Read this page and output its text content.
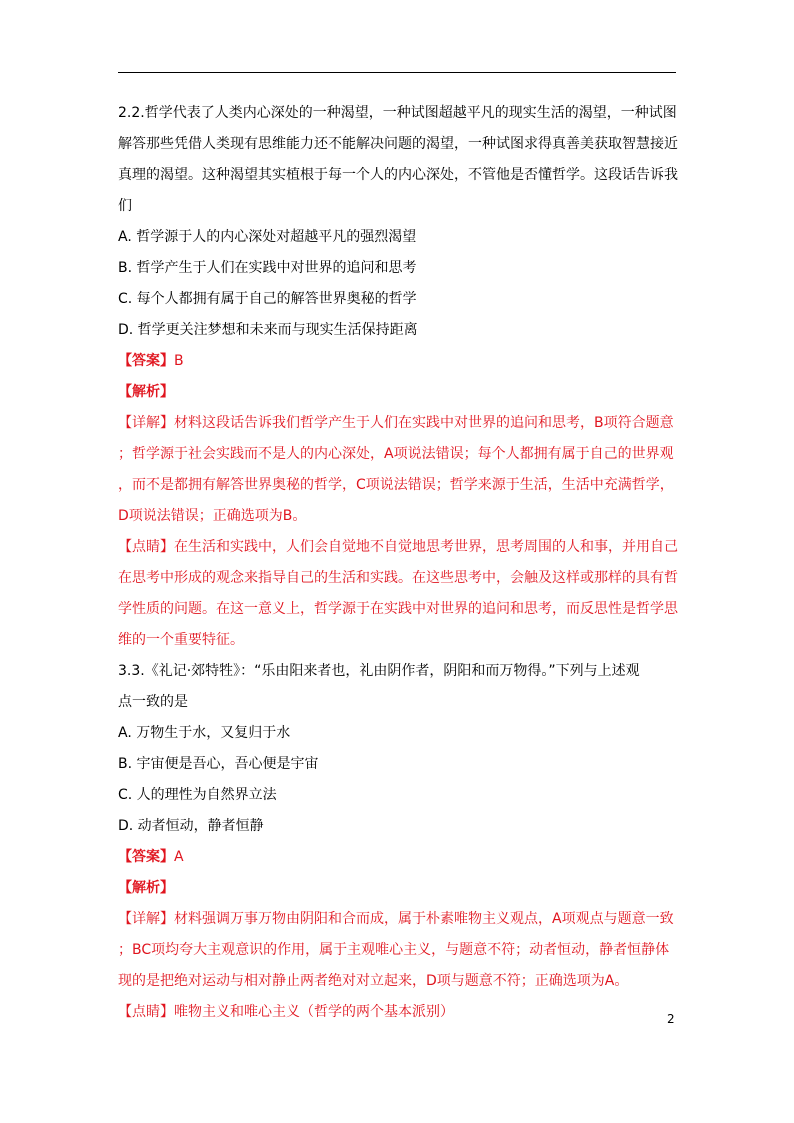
2.2.哲学代表了人类内心深处的一种渴望，一种试图超越平凡的现实生活的渴望，一种试图
解答那些凭借人类现有思维能力还不能解决问题的渴望，一种试图求得真善美获取智慧接近
真理的渴望。这种渴望其实植根于每一个人的内心深处，不管他是否懂哲学。这段话告诉我
们
A. 哲学源于人的内心深处对超越平凡的强烈渴望
B. 哲学产生于人们在实践中对世界的追问和思考
C. 每个人都拥有属于自己的解答世界奥秘的哲学
D. 哲学更关注梦想和未来而与现实生活保持距离
【答案】B
【解析】
【详解】材料这段话告诉我们哲学产生于人们在实践中对世界的追问和思考，B项符合题意
；哲学源于社会实践而不是人的内心深处，A项说法错误；每个人都拥有属于自己的世界观
，而不是都拥有解答世界奥秘的哲学，C项说法错误；哲学来源于生活，生活中充满哲学，
D项说法错误；正确选项为B。
【点睛】在生活和实践中，人们会自觉地不自觉地思考世界，思考周围的人和事，并用自己
在思考中形成的观念来指导自己的生活和实践。在这些思考中，会触及这样或那样的具有哲
学性质的问题。在这一意义上，哲学源于在实践中对世界的追问和思考，而反思性是哲学思
维的一个重要特征。
3.3.《礼记·郊特牲》：“乐由阳来者也，礼由阴作者，阴阳和而万物得。”下列与上述观
点一致的是
A. 万物生于水，又复归于水
B. 宇宙便是吾心，吾心便是宇宙
C. 人的理性为自然界立法
D. 动者恒动，静者恒静
【答案】A
【解析】
【详解】材料强调万事万物由阴阳和合而成，属于朴素唯物主义观点，A项观点与题意一致
；BC项均夸大主观意识的作用，属于主观唯心主义，与题意不符；动者恒动，静者恒静体
现的是把绝对运动与相对静止两者绝对对立起来，D项与题意不符；正确选项为A。
【点睛】唯物主义和唯心主义（哲学的两个基本派别）	2
